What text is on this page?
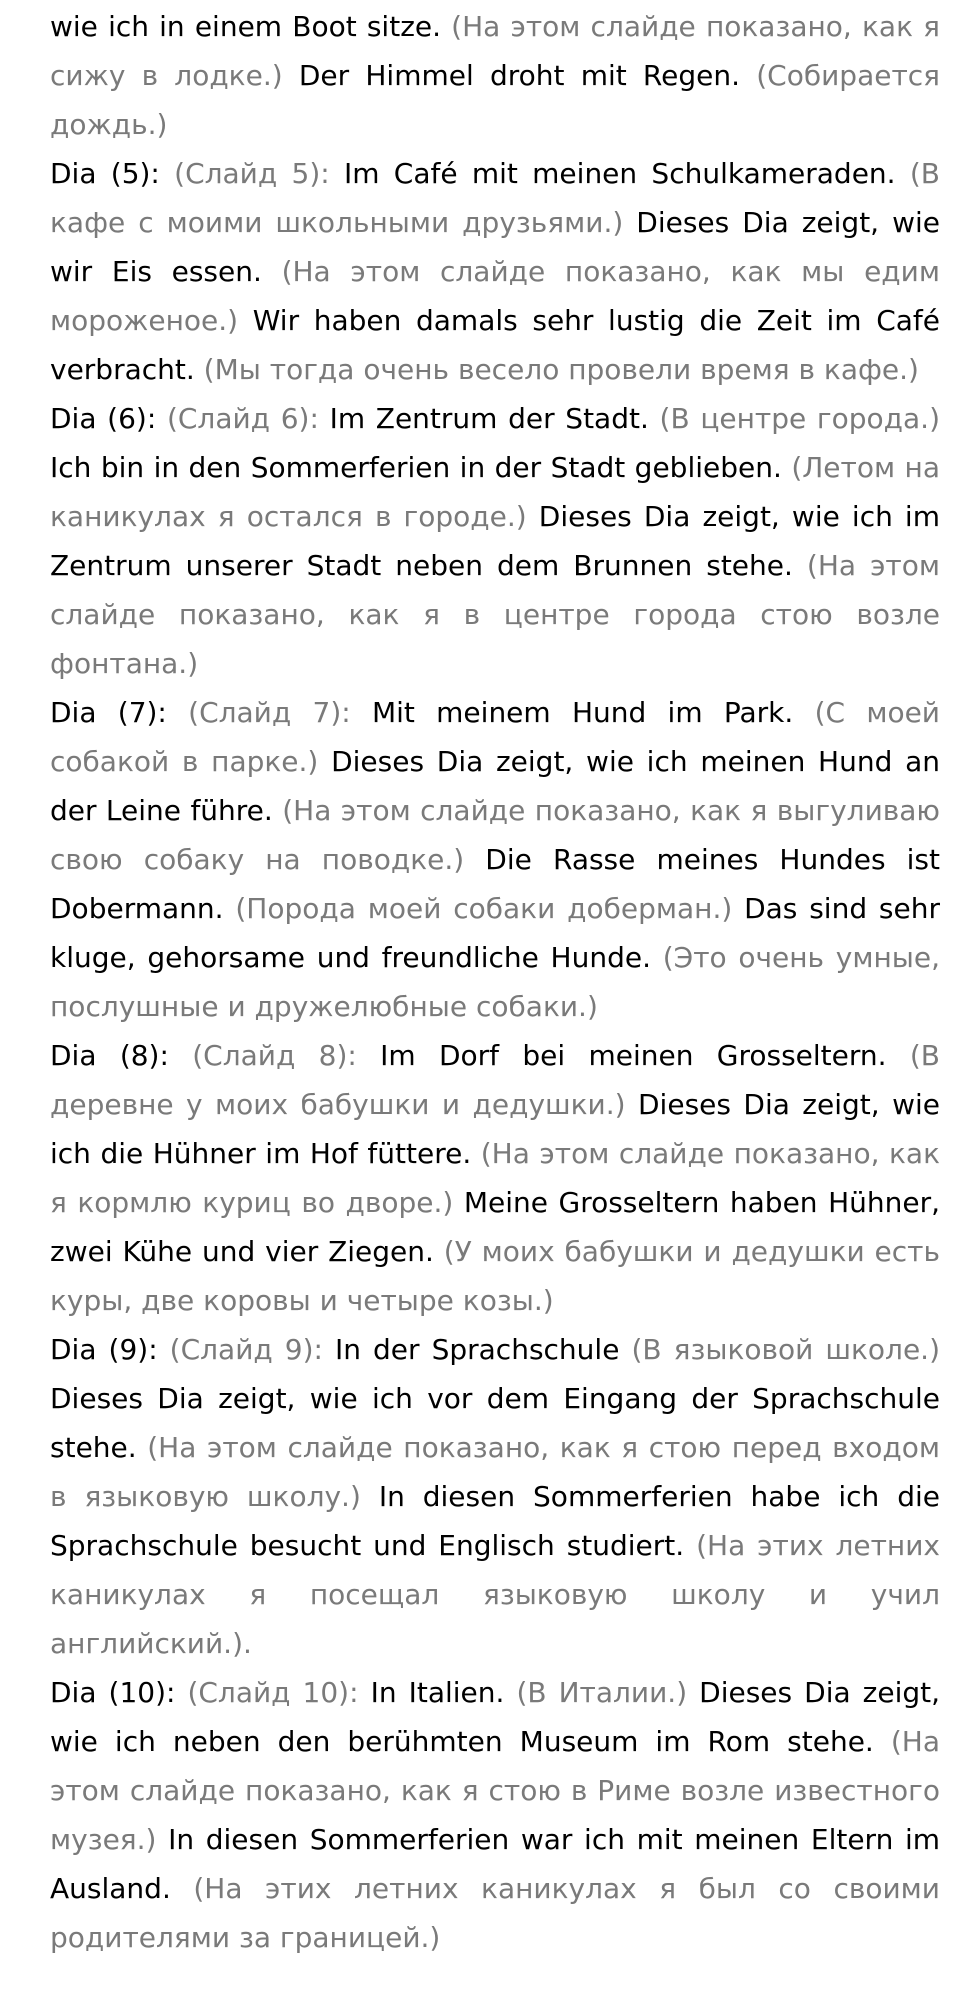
wie ich in einem Boot sitze. (На этом слайде показано, как я сижу в лодке.) Der Himmel droht mit Regen. (Собирается дождь.)

Dia (5): (Слайд 5): Im Café mit meinen Schulkameraden. (В кафе с моими школьными друзьями.) Dieses Dia zeigt, wie wir Eis essen. (На этом слайде показано, как мы едим мороженое.) Wir haben damals sehr lustig die Zeit im Café verbracht. (Мы тогда очень весело провели время в кафе.)

Dia (6): (Слайд 6): Im Zentrum der Stadt. (В центре города.) Ich bin in den Sommerferien in der Stadt geblieben. (Летом на каникулах я остался в городе.) Dieses Dia zeigt, wie ich im Zentrum unserer Stadt neben dem Brunnen stehe. (На этом слайде показано, как я в центре города стою возле фонтана.)

Dia (7): (Слайд 7): Mit meinem Hund im Park. (С моей собакой в парке.) Dieses Dia zeigt, wie ich meinen Hund an der Leine führe. (На этом слайде показано, как я выгуливаю свою собаку на поводке.) Die Rasse meines Hundes ist Dobermann. (Порода моей собаки доберман.) Das sind sehr kluge, gehorsame und freundliche Hunde. (Это очень умные, послушные и дружелюбные собаки.)

Dia (8): (Слайд 8): Im Dorf bei meinen Grosseltern. (В деревне у моих бабушки и дедушки.) Dieses Dia zeigt, wie ich die Hühner im Hof füttere. (На этом слайде показано, как я кормлю куриц во дворе.) Meine Grosseltern haben Hühner, zwei Kühe und vier Ziegen. (У моих бабушки и дедушки есть куры, две коровы и четыре козы.)

Dia (9): (Слайд 9): In der Sprachschule (В языковой школе.) Dieses Dia zeigt, wie ich vor dem Eingang der Sprachschule stehe. (На этом слайде показано, как я стою перед входом в языковую школу.) In diesen Sommerferien habe ich die Sprachschule besucht und Englisch studiert. (На этих летних каникулах я посещал языковую школу и учил английский.).

Dia (10): (Слайд 10): In Italien. (В Италии.) Dieses Dia zeigt, wie ich neben den berühmten Museum im Rom stehe. (На этом слайде показано, как я стою в Риме возле известного музея.) In diesen Sommerferien war ich mit meinen Eltern im Ausland. (На этих летних каникулах я был со своими родителями за границей.)
